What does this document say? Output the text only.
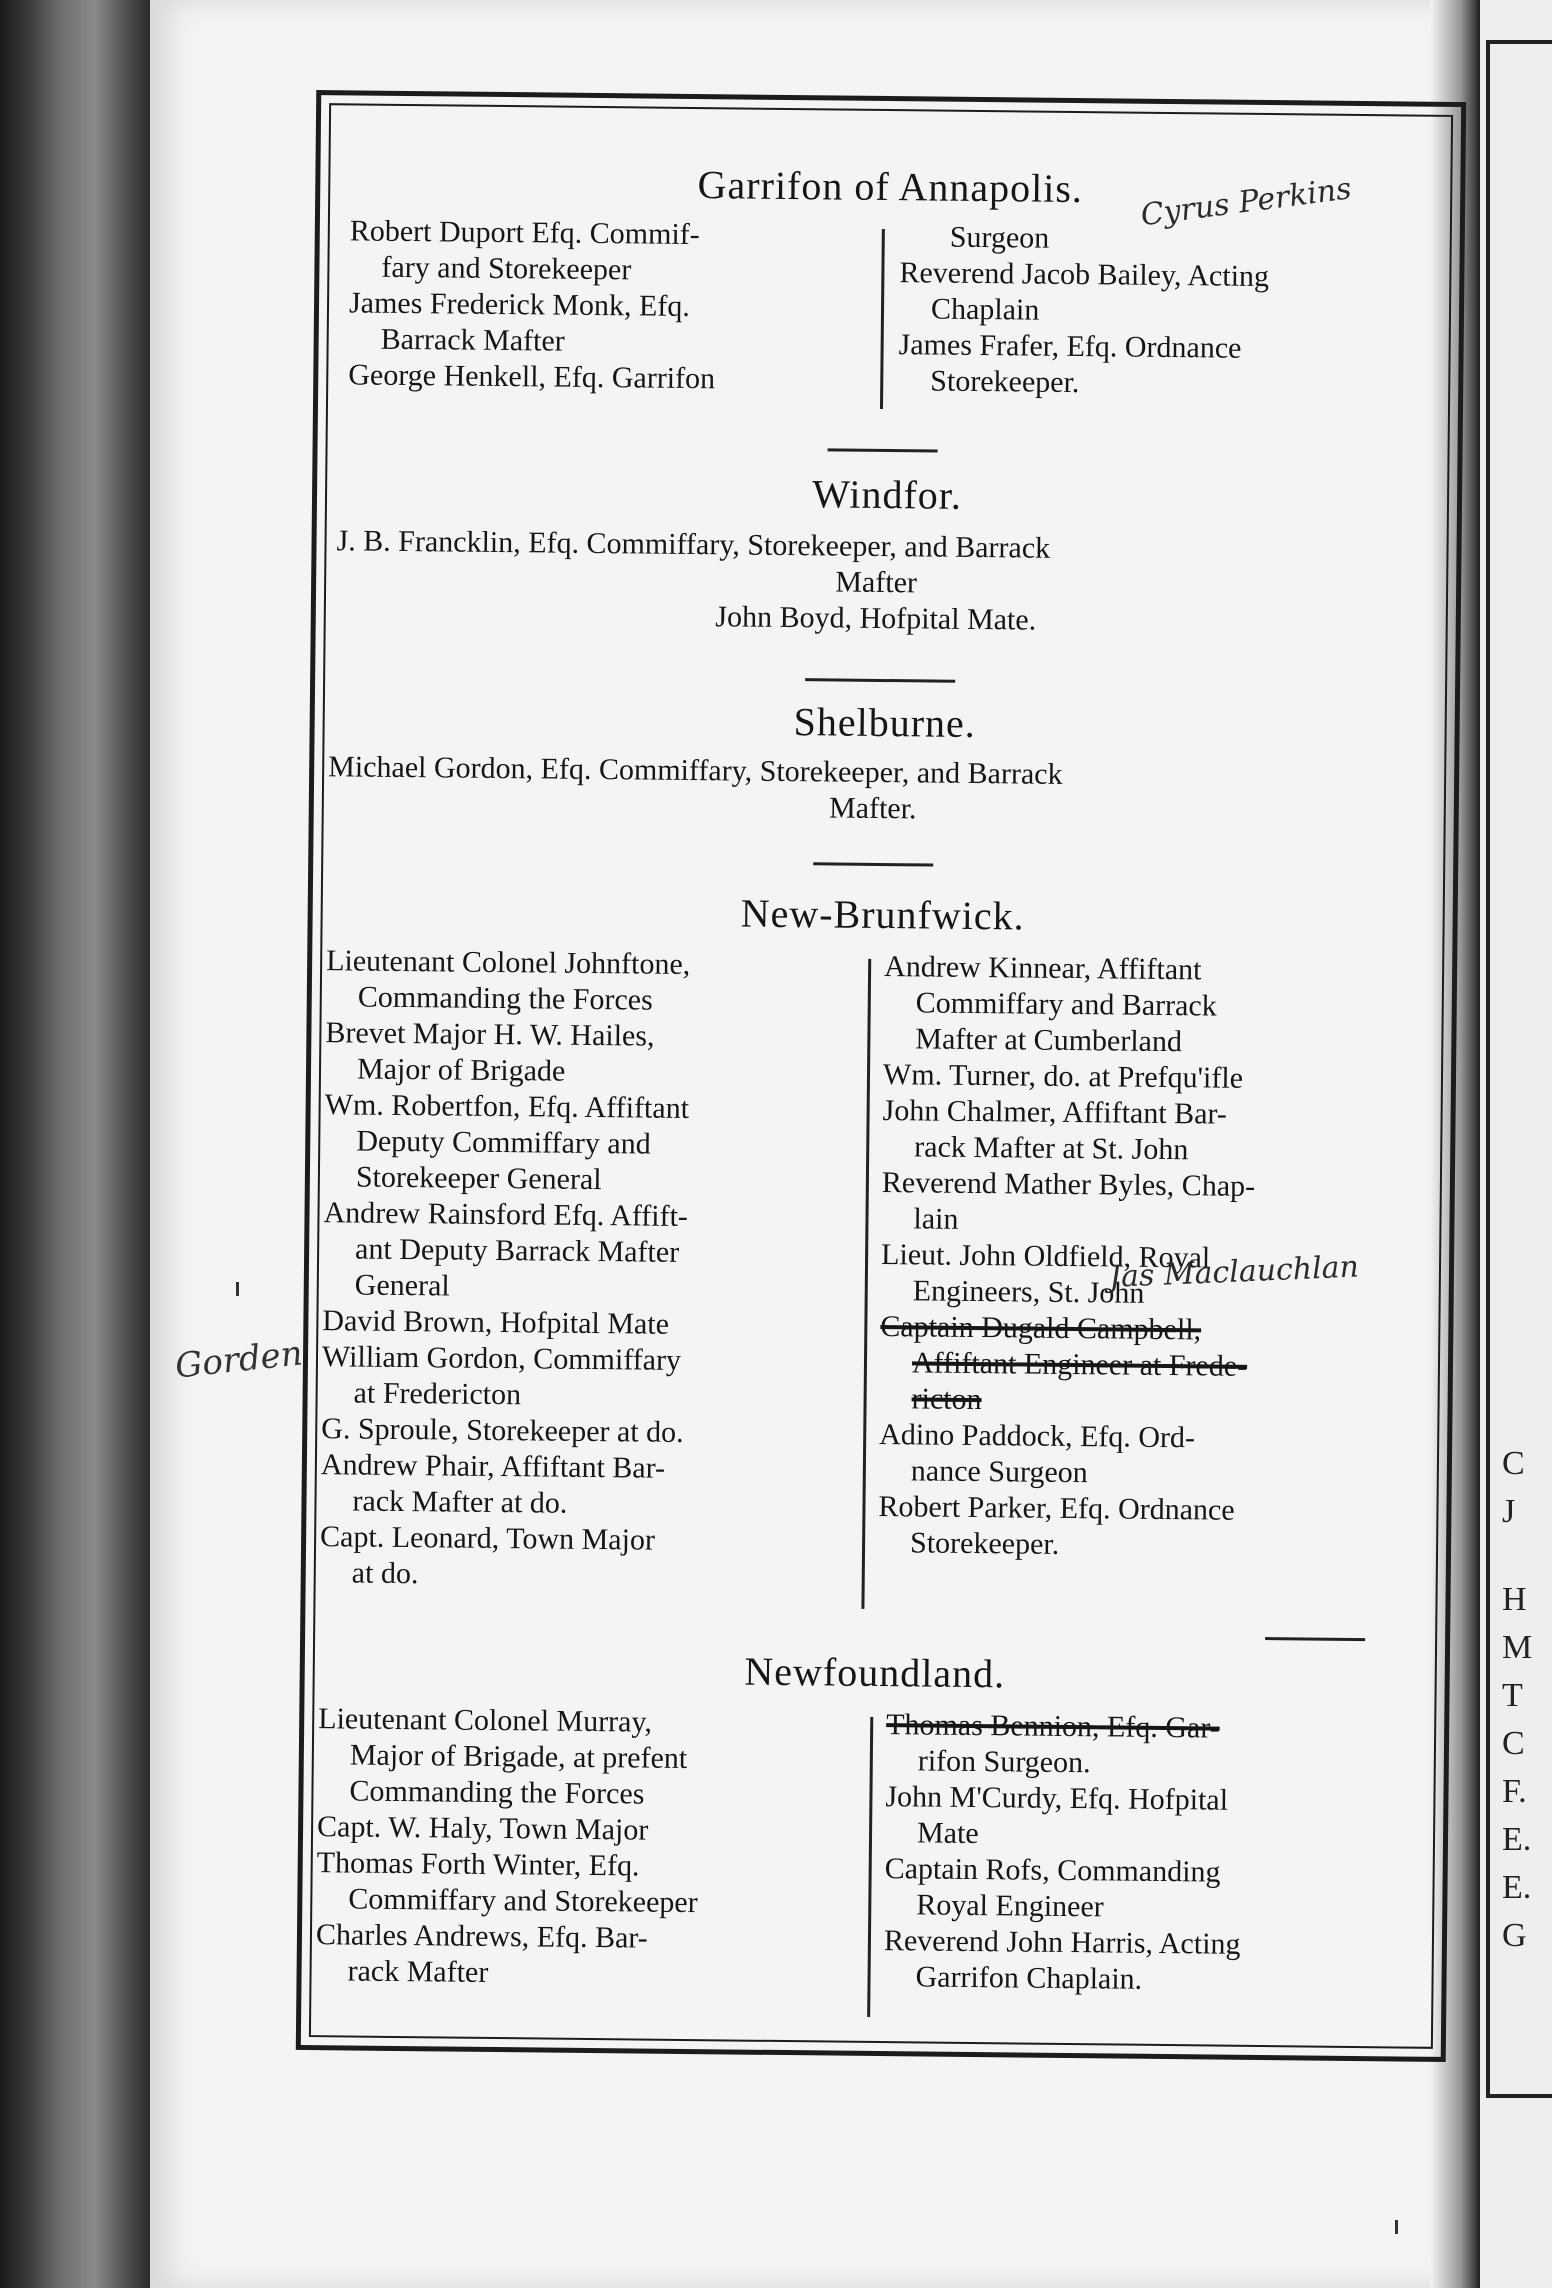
C
J
H
M
T
C
F.
E.
E.
G
Gorden
Garrifon of Annapolis.

Robert Duport Efq. Commif-

fary and Storekeeper

James Frederick Monk, Efq.

Barrack Mafter

George Henkell, Efq. Garrifon

Surgeon

Reverend Jacob Bailey, Acting

Chaplain

James Frafer, Efq. Ordnance

Storekeeper.

Cyrus Perkins
Windfor.
J. B. Francklin, Efq. Commiffary, Storekeeper, and Barrack
Mafter
John Boyd, Hofpital Mate.
Shelburne.
Michael Gordon, Efq. Commiffary, Storekeeper, and Barrack
Mafter.
New-Brunfwick.

Lieutenant Colonel Johnftone,

Commanding the Forces

Brevet Major H. W. Hailes,

Major of Brigade

Wm. Robertfon, Efq. Affiftant

Deputy Commiffary and

Storekeeper General

Andrew Rainsford Efq. Affift-

ant Deputy Barrack Mafter

General

David Brown, Hofpital Mate

William Gordon, Commiffary

at Fredericton

G. Sproule, Storekeeper at do.

Andrew Phair, Affiftant Bar-

rack Mafter at do.

Capt. Leonard, Town Major

at do.

Andrew Kinnear, Affiftant

Commiffary and Barrack

Mafter at Cumberland

Wm. Turner, do. at Prefqu'ifle

John Chalmer, Affiftant Bar-

rack Mafter at St. John

Reverend Mather Byles, Chap-

lain

Lieut. John Oldfield, Royal

Engineers, St. John

Captain Dugald Campbell,

Affiftant Engineer at Frede-

ricton

Adino Paddock, Efq. Ord-

nance Surgeon

Robert Parker, Efq. Ordnance

Storekeeper.

Jas Maclauchlan
Newfoundland.

Lieutenant Colonel Murray,

Major of Brigade, at prefent

Commanding the Forces

Capt. W. Haly, Town Major

Thomas Forth Winter, Efq.

Commiffary and Storekeeper

Charles Andrews, Efq. Bar-

rack Mafter

Thomas Bennion, Efq. Gar-

rifon Surgeon.

John M'Curdy, Efq. Hofpital

Mate

Captain Rofs, Commanding

Royal Engineer

Reverend John Harris, Acting

Garrifon Chaplain.
